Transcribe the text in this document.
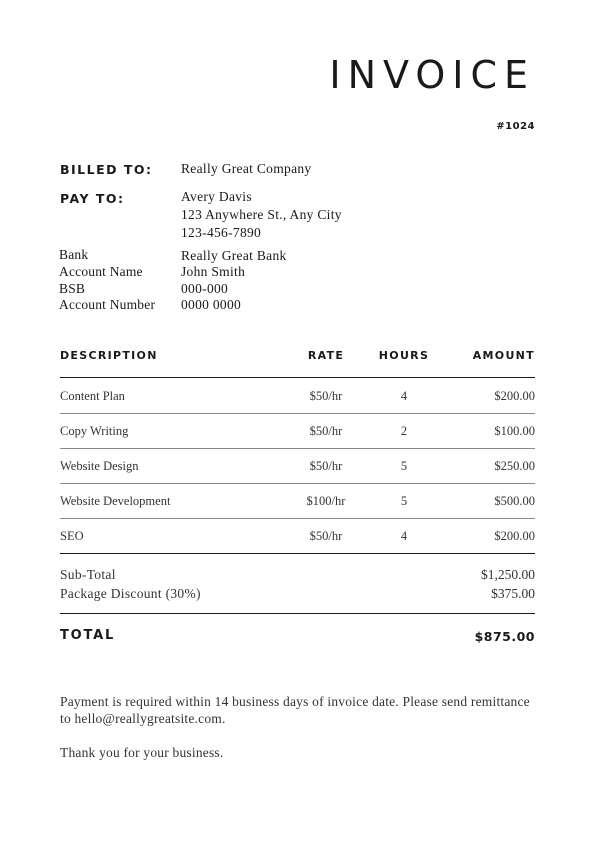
INVOICE
#1024
BILLED TO: Really Great Company
PAY TO:	Avery Davis
123 Anywhere St., Any City
123-456-7890
Bank	Really Great Bank
Account Name	John Smith
BSB	000-000
Account Number 0000 0000
DESCRIPTION	RATE	HOURS	AMOUNT
Content Plan	$50/hr	4	$200.00
Copy Writing	$50/hr	2	$100.00
Website Design	$50/hr	5	$250.00
Website Development	$100/hr	5	$500.00
SEO	$50/hr	4	$200.00
Sub-Total	$1,250.00
Package Discount (30%)	$375.00
TOTAL	$875.00

Payment is required within 14 business days of invoice date. Please send remittance to hello@reallygreatsite.com.

Thank you for your business.
